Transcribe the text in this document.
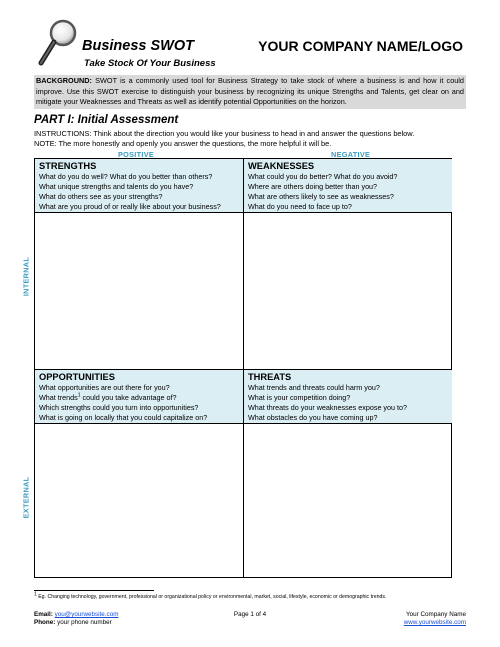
Business SWOT
Take Stock Of Your Business
YOUR COMPANY NAME/LOGO
BACKGROUND: SWOT is a commonly used tool for Business Strategy to take stock of where a business is and how it could improve. Use this SWOT exercise to distinguish your business by recognizing its unique Strengths and Talents, get clear on and mitigate your Weaknesses and Threats as well as identify potential Opportunities on the horizon.
PART I: Initial Assessment
INSTRUCTIONS: Think about the direction you would like your business to head in and answer the questions below.
NOTE: The more honestly and openly you answer the questions, the more helpful it will be.
POSITIVE	NEGATIVE
INTERNAL
EXTERNAL
STRENGTHS
What do you do well? What do you better than others?
What unique strengths and talents do you have?
What do others see as your strengths?
What are you proud of or really like about your business?
WEAKNESSES
What could you do better? What do you avoid?
Where are others doing better than you?
What are others likely to see as weaknesses?
What do you need to face up to?
OPPORTUNITIES
What opportunities are out there for you?
What trends$^1$ could you take advantage of?
Which strengths could you turn into opportunities?
What is going on locally that you could capitalize on?
THREATS
What trends and threats could harm you?
What is your competition doing?
What threats do your weaknesses expose you to?
What obstacles do you have coming up?
1 Eg. Changing technology, government, professional or organizational policy or environmental, market, social, lifestyle, economic or demographic trends.
Email: you@yourwebsite.com
Phone: your phone number
Page 1 of 4	Your Company Name
www.yourwebsite.com
